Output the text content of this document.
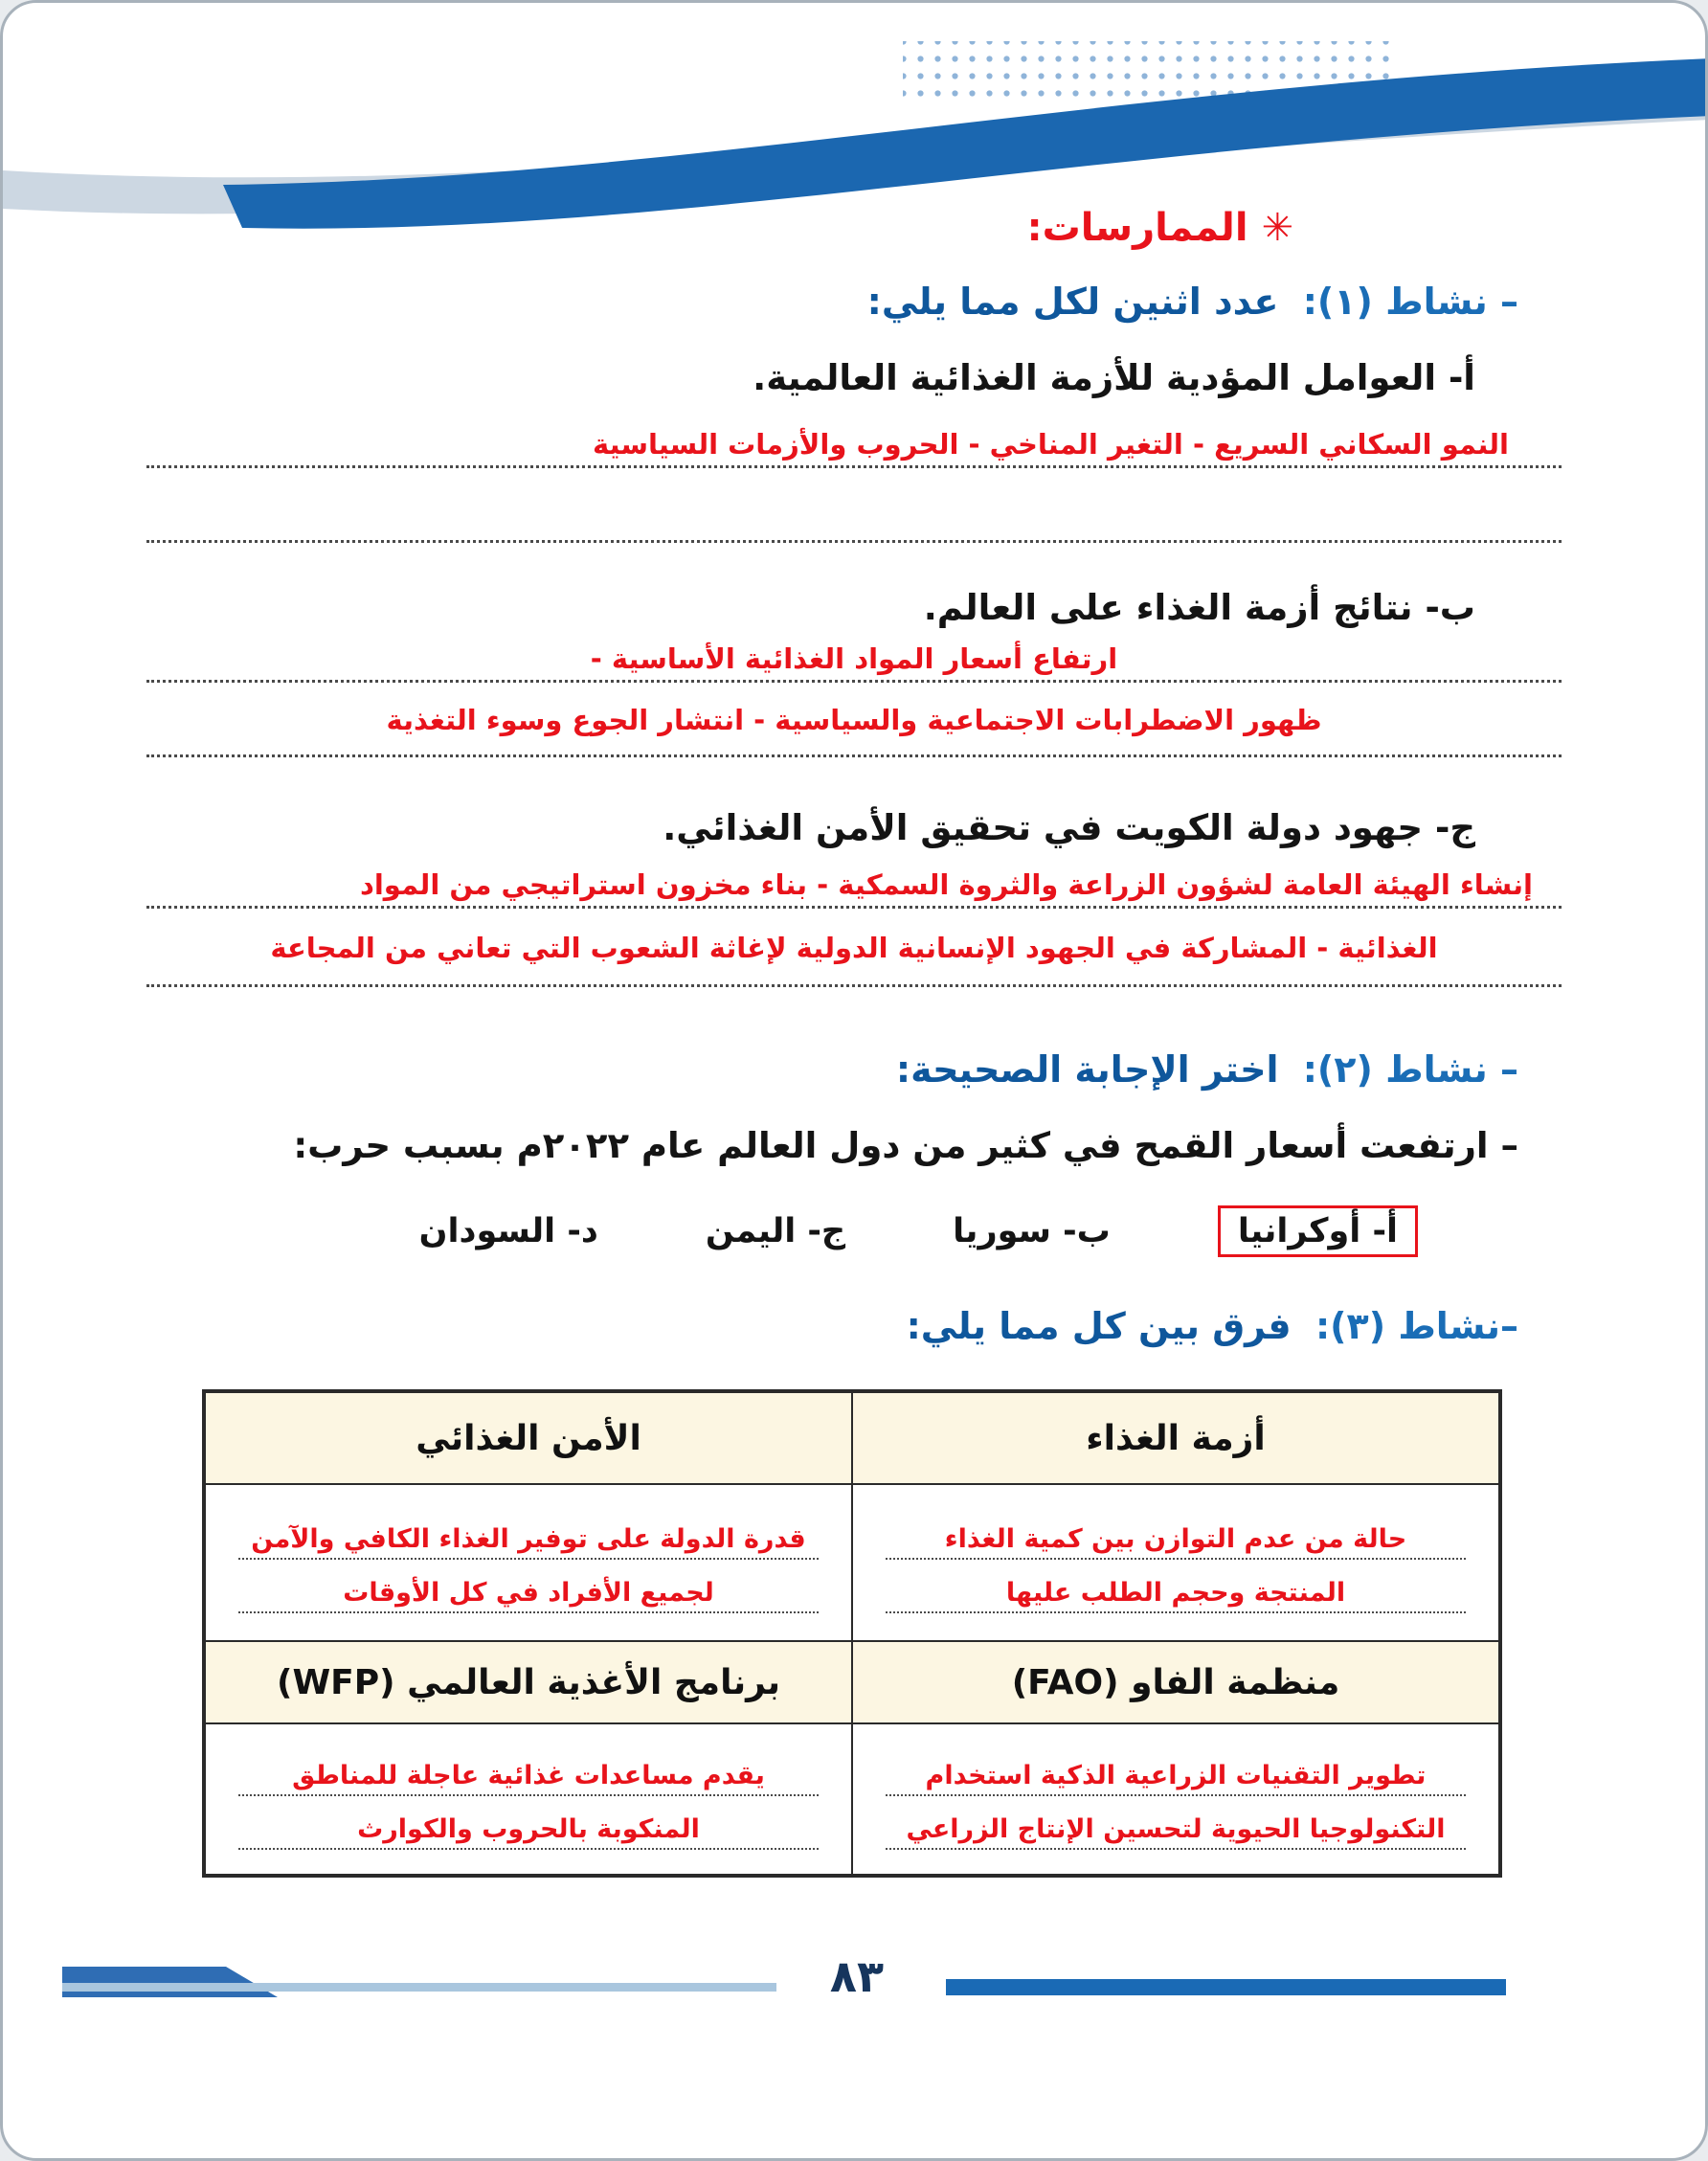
✳ الممارسات:
– نشاط (١): عدد اثنين لكل مما يلي:
أ- العوامل المؤدية للأزمة الغذائية العالمية.
النمو السكاني السريع - التغير المناخي - الحروب والأزمات السياسية
ب- نتائج أزمة الغذاء على العالم.
ارتفاع أسعار المواد الغذائية الأساسية -
ظهور الاضطرابات الاجتماعية والسياسية - انتشار الجوع وسوء التغذية
ج- جهود دولة الكويت في تحقيق الأمن الغذائي.
إنشاء الهيئة العامة لشؤون الزراعة والثروة السمكية - بناء مخزون استراتيجي من المواد
الغذائية - المشاركة في الجهود الإنسانية الدولية لإغاثة الشعوب التي تعاني من المجاعة
– نشاط (٢): اختر الإجابة الصحيحة:
– ارتفعت أسعار القمح في كثير من دول العالم عام ٢٠٢٢م بسبب حرب:
أ- أوكرانيا
ب- سوريا
ج- اليمن
د- السودان
–نشاط (٣): فرق بين كل مما يلي:
أزمة الغذاء
الأمن الغذائي
حالة من عدم التوازن بين كمية الغذاء
المنتجة وحجم الطلب عليها
قدرة الدولة على توفير الغذاء الكافي والآمن
لجميع الأفراد في كل الأوقات
منظمة الفاو (FAO)
برنامج الأغذية العالمي (WFP)
تطوير التقنيات الزراعية الذكية استخدام
التكنولوجيا الحيوية لتحسين الإنتاج الزراعي
يقدم مساعدات غذائية عاجلة للمناطق
المنكوبة بالحروب والكوارث
٨٣
